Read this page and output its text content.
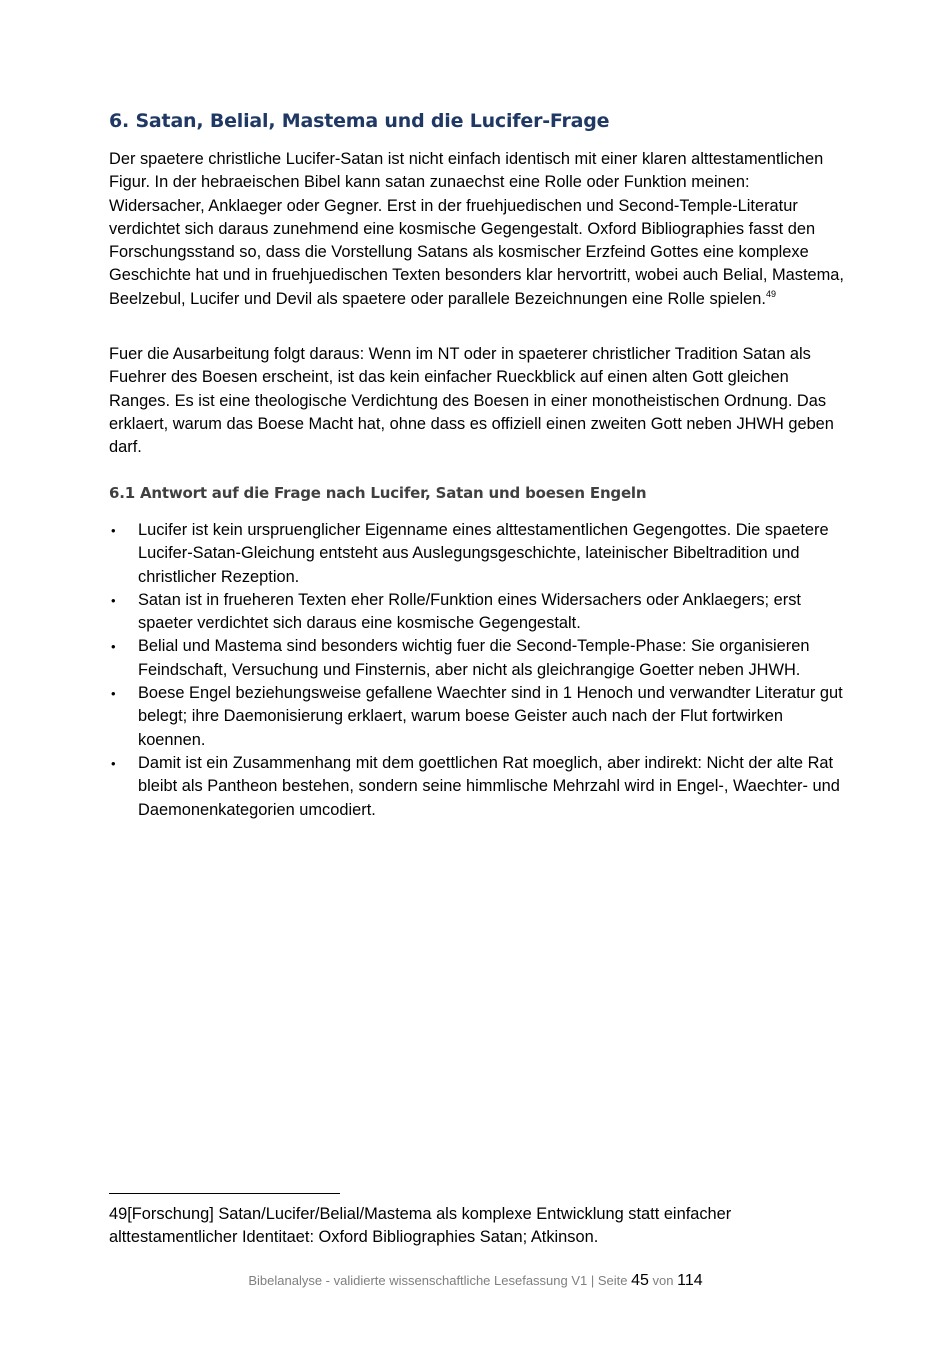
6. Satan, Belial, Mastema und die Lucifer-Frage

Der spaetere christliche Lucifer-Satan ist nicht einfach identisch mit einer klaren alttestamentlichen Figur. In der hebraeischen Bibel kann satan zunaechst eine Rolle oder Funktion meinen: Widersacher, Anklaeger oder Gegner. Erst in der fruehjuedischen und Second-Temple-Literatur verdichtet sich daraus zunehmend eine kosmische Gegengestalt. Oxford Bibliographies fasst den Forschungsstand so, dass die Vorstellung Satans als kosmischer Erzfeind Gottes eine komplexe Geschichte hat und in fruehjuedischen Texten besonders klar hervortritt, wobei auch Belial, Mastema, Beelzebul, Lucifer und Devil als spaetere oder parallele Bezeichnungen eine Rolle spielen.$^{49}$

Fuer die Ausarbeitung folgt daraus: Wenn im NT oder in spaeterer christlicher Tradition Satan als Fuehrer des Boesen erscheint, ist das kein einfacher Rueckblick auf einen alten Gott gleichen Ranges. Es ist eine theologische Verdichtung des Boesen in einer monotheistischen Ordnung. Das erklaert, warum das Boese Macht hat, ohne dass es offiziell einen zweiten Gott neben JHWH geben darf.

6.1 Antwort auf die Frage nach Lucifer, Satan und boesen Engeln
• Lucifer ist kein urspruenglicher Eigenname eines alttestamentlichen Gegengottes. Die spaetere Lucifer-Satan-Gleichung entsteht aus Auslegungsgeschichte, lateinischer Bibeltradition und christlicher Rezeption.
• Satan ist in frueheren Texten eher Rolle/Funktion eines Widersachers oder Anklaegers; erst spaeter verdichtet sich daraus eine kosmische Gegengestalt.
• Belial und Mastema sind besonders wichtig fuer die Second-Temple-Phase: Sie organisieren Feindschaft, Versuchung und Finsternis, aber nicht als gleichrangige Goetter neben JHWH.
• Boese Engel beziehungsweise gefallene Waechter sind in 1 Henoch und verwandter Literatur gut belegt; ihre Daemonisierung erklaert, warum boese Geister auch nach der Flut fortwirken koennen.
• Damit ist ein Zusammenhang mit dem goettlichen Rat moeglich, aber indirekt: Nicht der alte Rat bleibt als Pantheon bestehen, sondern seine himmlische Mehrzahl wird in Engel-, Waechter- und Daemonenkategorien umcodiert.

49[Forschung] Satan/Lucifer/Belial/Mastema als komplexe Entwicklung statt einfacher alttestamentlicher Identitaet: Oxford Bibliographies Satan; Atkinson.

Bibelanalyse - validierte wissenschaftliche Lesefassung V1 | Seite 45 von 114
